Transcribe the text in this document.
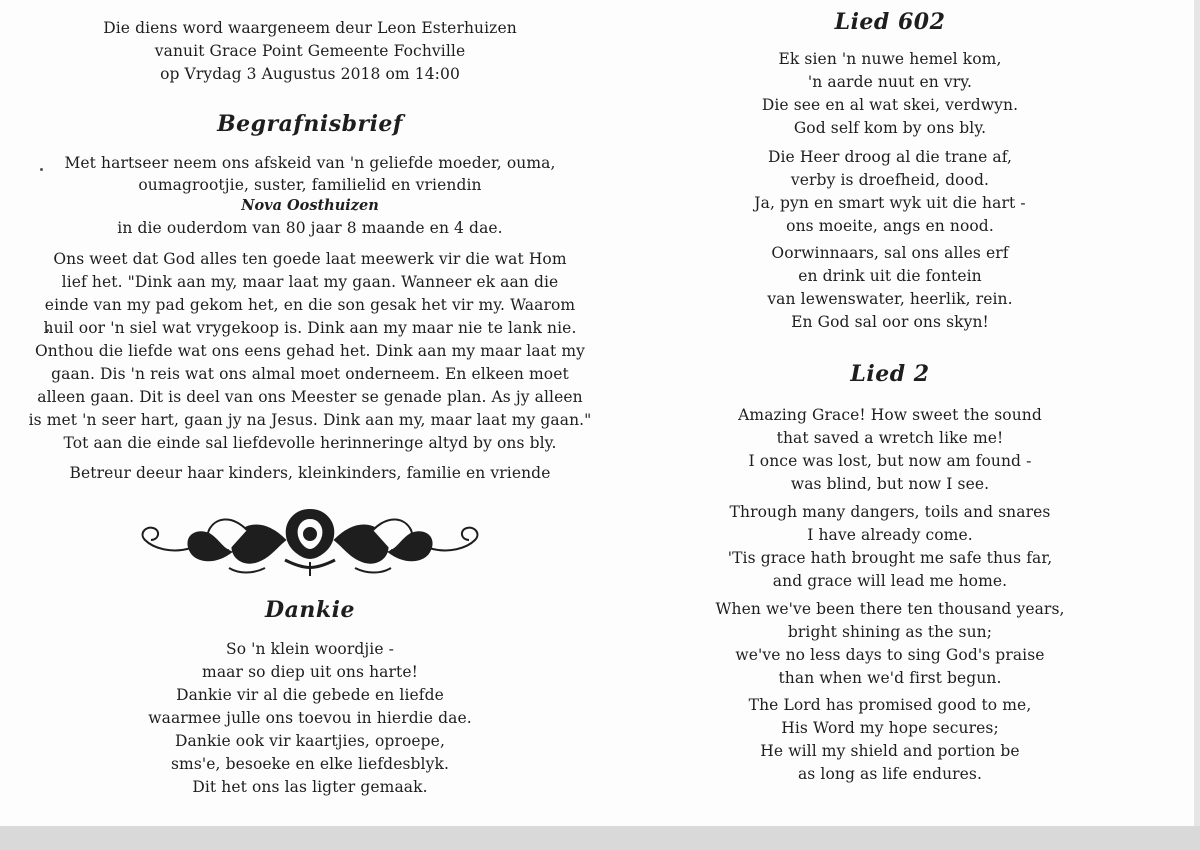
Die diens word waargeneem deur Leon Esterhuizen
vanuit Grace Point Gemeente Fochville
op Vrydag 3 Augustus 2018 om 14:00
Begrafnisbrief
Met hartseer neem ons afskeid van 'n geliefde moeder, ouma,
oumagrootjie, suster, familielid en vriendin
Nova Oosthuizen
in die ouderdom van 80 jaar 8 maande en 4 dae.
Ons weet dat God alles ten goede laat meewerk vir die wat Hom
lief het. "Dink aan my, maar laat my gaan. Wanneer ek aan die
einde van my pad gekom het, en die son gesak het vir my. Waarom
huil oor 'n siel wat vrygekoop is. Dink aan my maar nie te lank nie.
Onthou die liefde wat ons eens gehad het. Dink aan my maar laat my
gaan. Dis 'n reis wat ons almal moet onderneem. En elkeen moet
alleen gaan. Dit is deel van ons Meester se genade plan. As jy alleen
is met 'n seer hart, gaan jy na Jesus. Dink aan my, maar laat my gaan."
Tot aan die einde sal liefdevolle herinneringe altyd by ons bly.
Betreur deeur haar kinders, kleinkinders, familie en vriende
Dankie
So 'n klein woordjie -
maar so diep uit ons harte!
Dankie vir al die gebede en liefde
waarmee julle ons toevou in hierdie dae.
Dankie ook vir kaartjies, oproepe,
sms'e, besoeke en elke liefdesblyk.
Dit het ons las ligter gemaak.
Lied 602
Ek sien 'n nuwe hemel kom,
'n aarde nuut en vry.
Die see en al wat skei, verdwyn.
God self kom by ons bly.
Die Heer droog al die trane af,
verby is droefheid, dood.
Ja, pyn en smart wyk uit die hart -
ons moeite, angs en nood.
Oorwinnaars, sal ons alles erf
en drink uit die fontein
van lewenswater, heerlik, rein.
En God sal oor ons skyn!
Lied 2
Amazing Grace! How sweet the sound
that saved a wretch like me!
I once was lost, but now am found -
was blind, but now I see.
Through many dangers, toils and snares
I have already come.
'Tis grace hath brought me safe thus far,
and grace will lead me home.
When we've been there ten thousand years,
bright shining as the sun;
we've no less days to sing God's praise
than when we'd first begun.
The Lord has promised good to me,
His Word my hope secures;
He will my shield and portion be
as long as life endures.
